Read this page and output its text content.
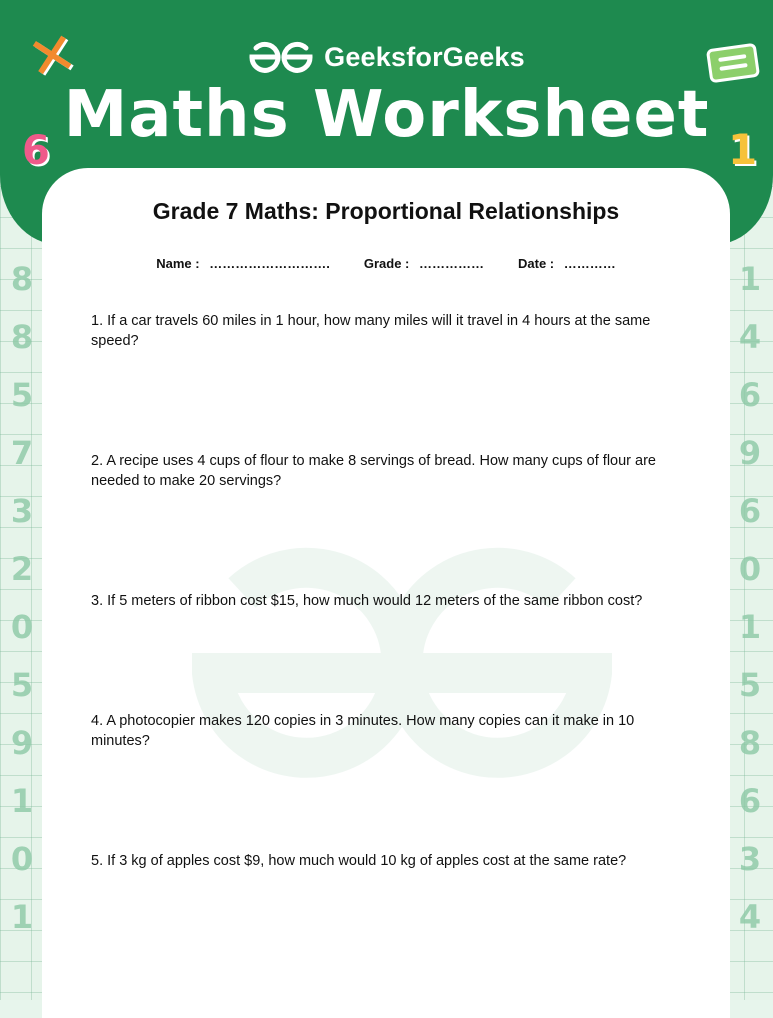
8
8
5
7
3
2
0
5
9
1
0
1
1
4
6
9
6
0
1
5
8
6
3
4
GeeksforGeeks
Maths Worksheet
✕
6	1
Grade 7 Maths: Proportional Relationships
Name : ……………………….	Grade : ……………	Date : …………
1. If a car travels 60 miles in 1 hour, how many miles will it travel in 4 hours at the same speed?
2. A recipe uses 4 cups of flour to make 8 servings of bread. How many cups of flour are needed to make 20 servings?
3. If 5 meters of ribbon cost $15, how much would 12 meters of the same ribbon cost?
4. A photocopier makes 120 copies in 3 minutes. How many copies can it make in 10 minutes?
5. If 3 kg of apples cost $9, how much would 10 kg of apples cost at the same rate?
